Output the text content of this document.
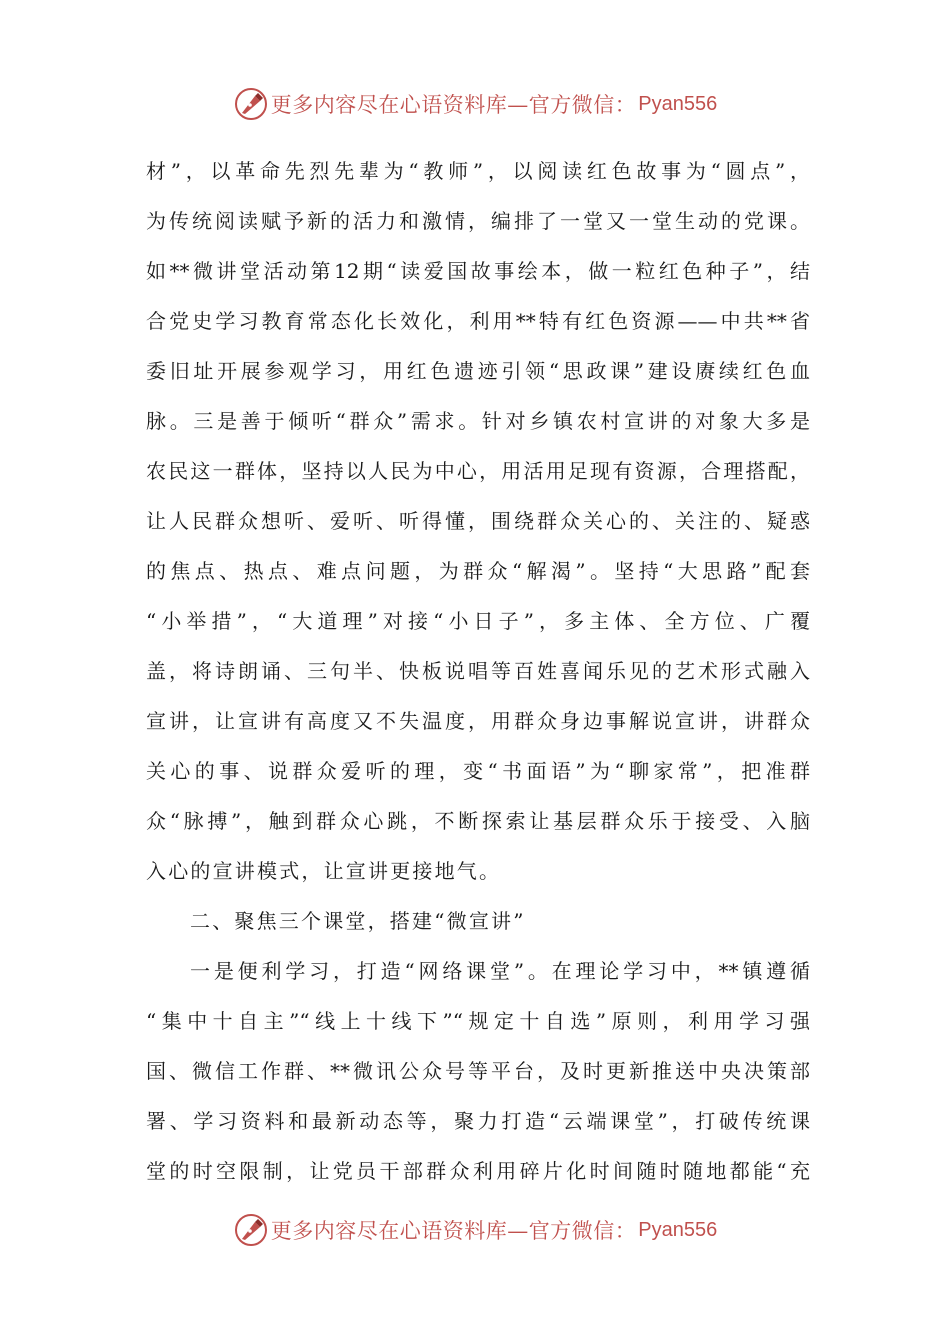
更多内容尽在心语资料库—官方微信： Pyan556
材”，以革命先烈先辈为“教师”，以阅读红色故事为“圆点”，
为传统阅读赋予新的活力和激情，编排了一堂又一堂生动的党课。
如**微讲堂活动第12期“读爱国故事绘本，做一粒红色种子”，结
合党史学习教育常态化长效化，利用**特有红色资源——中共**省
委旧址开展参观学习，用红色遗迹引领“思政课”建设赓续红色血
脉。三是善于倾听“群众”需求。针对乡镇农村宣讲的对象大多是
农民这一群体，坚持以人民为中心，用活用足现有资源，合理搭配，
让人民群众想听、爱听、听得懂，围绕群众关心的、关注的、疑惑
的焦点、热点、难点问题，为群众“解渴”。坚持“大思路”配套
“小举措”，“大道理”对接“小日子”，多主体、全方位、广覆
盖，将诗朗诵、三句半、快板说唱等百姓喜闻乐见的艺术形式融入
宣讲，让宣讲有高度又不失温度，用群众身边事解说宣讲，讲群众
关心的事、说群众爱听的理，变“书面语”为“聊家常”，把准群
众“脉搏”，触到群众心跳，不断探索让基层群众乐于接受、入脑
入心的宣讲模式，让宣讲更接地气。
二、聚焦三个课堂，搭建“微宣讲”
一是便利学习，打造“网络课堂”。在理论学习中，**镇遵循
“集中十自主”“线上十线下”“规定十自选”原则，利用学习强
国、微信工作群、**微讯公众号等平台，及时更新推送中央决策部
署、学习资料和最新动态等，聚力打造“云端课堂”，打破传统课
堂的时空限制，让党员干部群众利用碎片化时间随时随地都能“充
更多内容尽在心语资料库—官方微信： Pyan556
